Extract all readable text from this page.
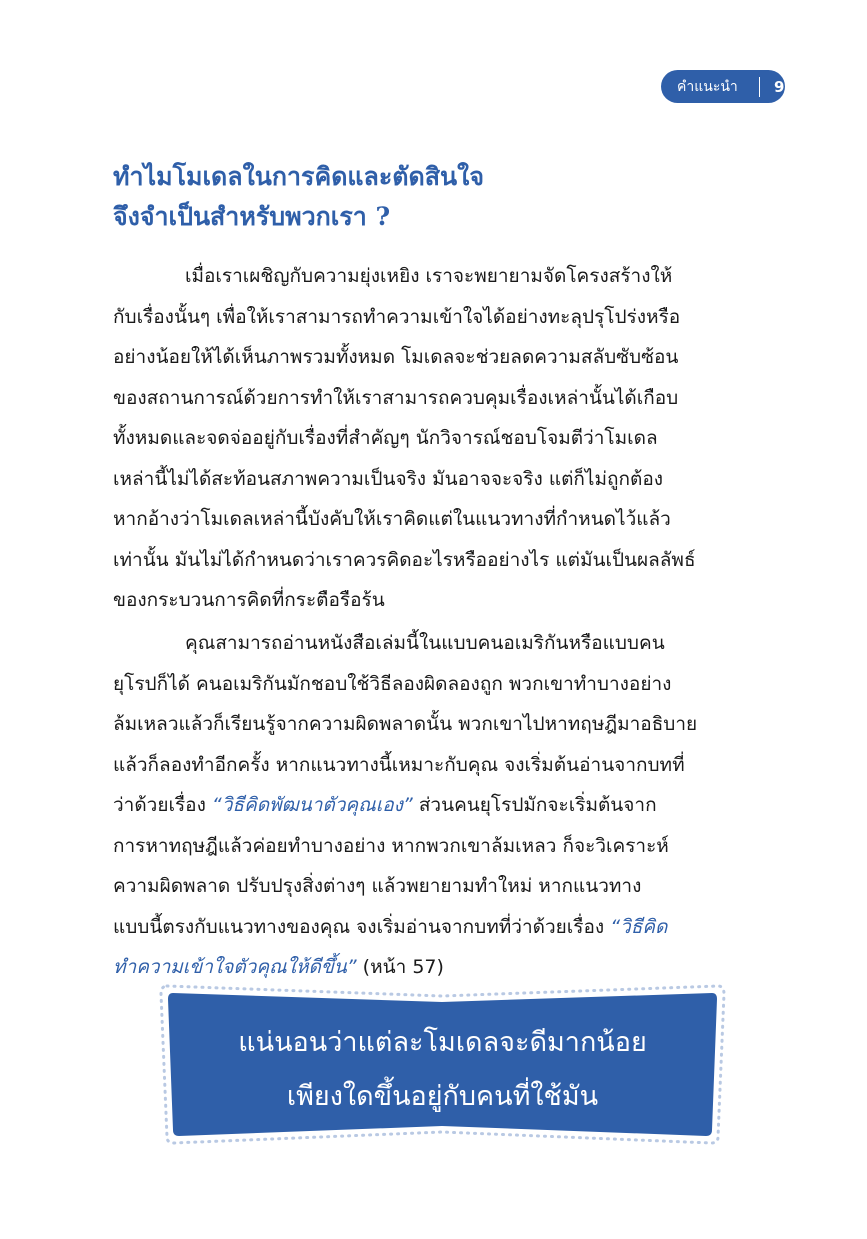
คำแนะนำ	9
ทำไมโมเดลในการคิดและตัดสินใจ
จึงจำเป็นสำหรับพวกเรา ?
เมื่อเราเผชิญกับความยุ่งเหยิง เราจะพยายามจัดโครงสร้างให้
กับเรื่องนั้นๆ เพื่อให้เราสามารถทำความเข้าใจได้อย่างทะลุปรุโปร่งหรือ
อย่างน้อยให้ได้เห็นภาพรวมทั้งหมด โมเดลจะช่วยลดความสลับซับซ้อน
ของสถานการณ์ด้วยการทำให้เราสามารถควบคุมเรื่องเหล่านั้นได้เกือบ
ทั้งหมดและจดจ่ออยู่กับเรื่องที่สำคัญๆ นักวิจารณ์ชอบโจมตีว่าโมเดล
เหล่านี้ไม่ได้สะท้อนสภาพความเป็นจริง มันอาจจะจริง แต่ก็ไม่ถูกต้อง
หากอ้างว่าโมเดลเหล่านี้บังคับให้เราคิดแต่ในแนวทางที่กำหนดไว้แล้ว
เท่านั้น มันไม่ได้กำหนดว่าเราควรคิดอะไรหรืออย่างไร แต่มันเป็นผลลัพธ์
ของกระบวนการคิดที่กระตือรือร้น
คุณสามารถอ่านหนังสือเล่มนี้ในแบบคนอเมริกันหรือแบบคน
ยุโรปก็ได้ คนอเมริกันมักชอบใช้วิธีลองผิดลองถูก พวกเขาทำบางอย่าง
ล้มเหลวแล้วก็เรียนรู้จากความผิดพลาดนั้น พวกเขาไปหาทฤษฎีมาอธิบาย
แล้วก็ลองทำอีกครั้ง หากแนวทางนี้เหมาะกับคุณ จงเริ่มต้นอ่านจากบทที่
ว่าด้วยเรื่อง “วิธีคิดพัฒนาตัวคุณเอง” ส่วนคนยุโรปมักจะเริ่มต้นจาก
การหาทฤษฎีแล้วค่อยทำบางอย่าง หากพวกเขาล้มเหลว ก็จะวิเคราะห์
ความผิดพลาด ปรับปรุงสิ่งต่างๆ แล้วพยายามทำใหม่ หากแนวทาง
แบบนี้ตรงกับแนวทางของคุณ จงเริ่มอ่านจากบทที่ว่าด้วยเรื่อง “วิธีคิด
ทำความเข้าใจตัวคุณให้ดีขึ้น” (หน้า 57)
แน่นอนว่าแต่ละโมเดลจะดีมากน้อย
เพียงใดขึ้นอยู่กับคนที่ใช้มัน
